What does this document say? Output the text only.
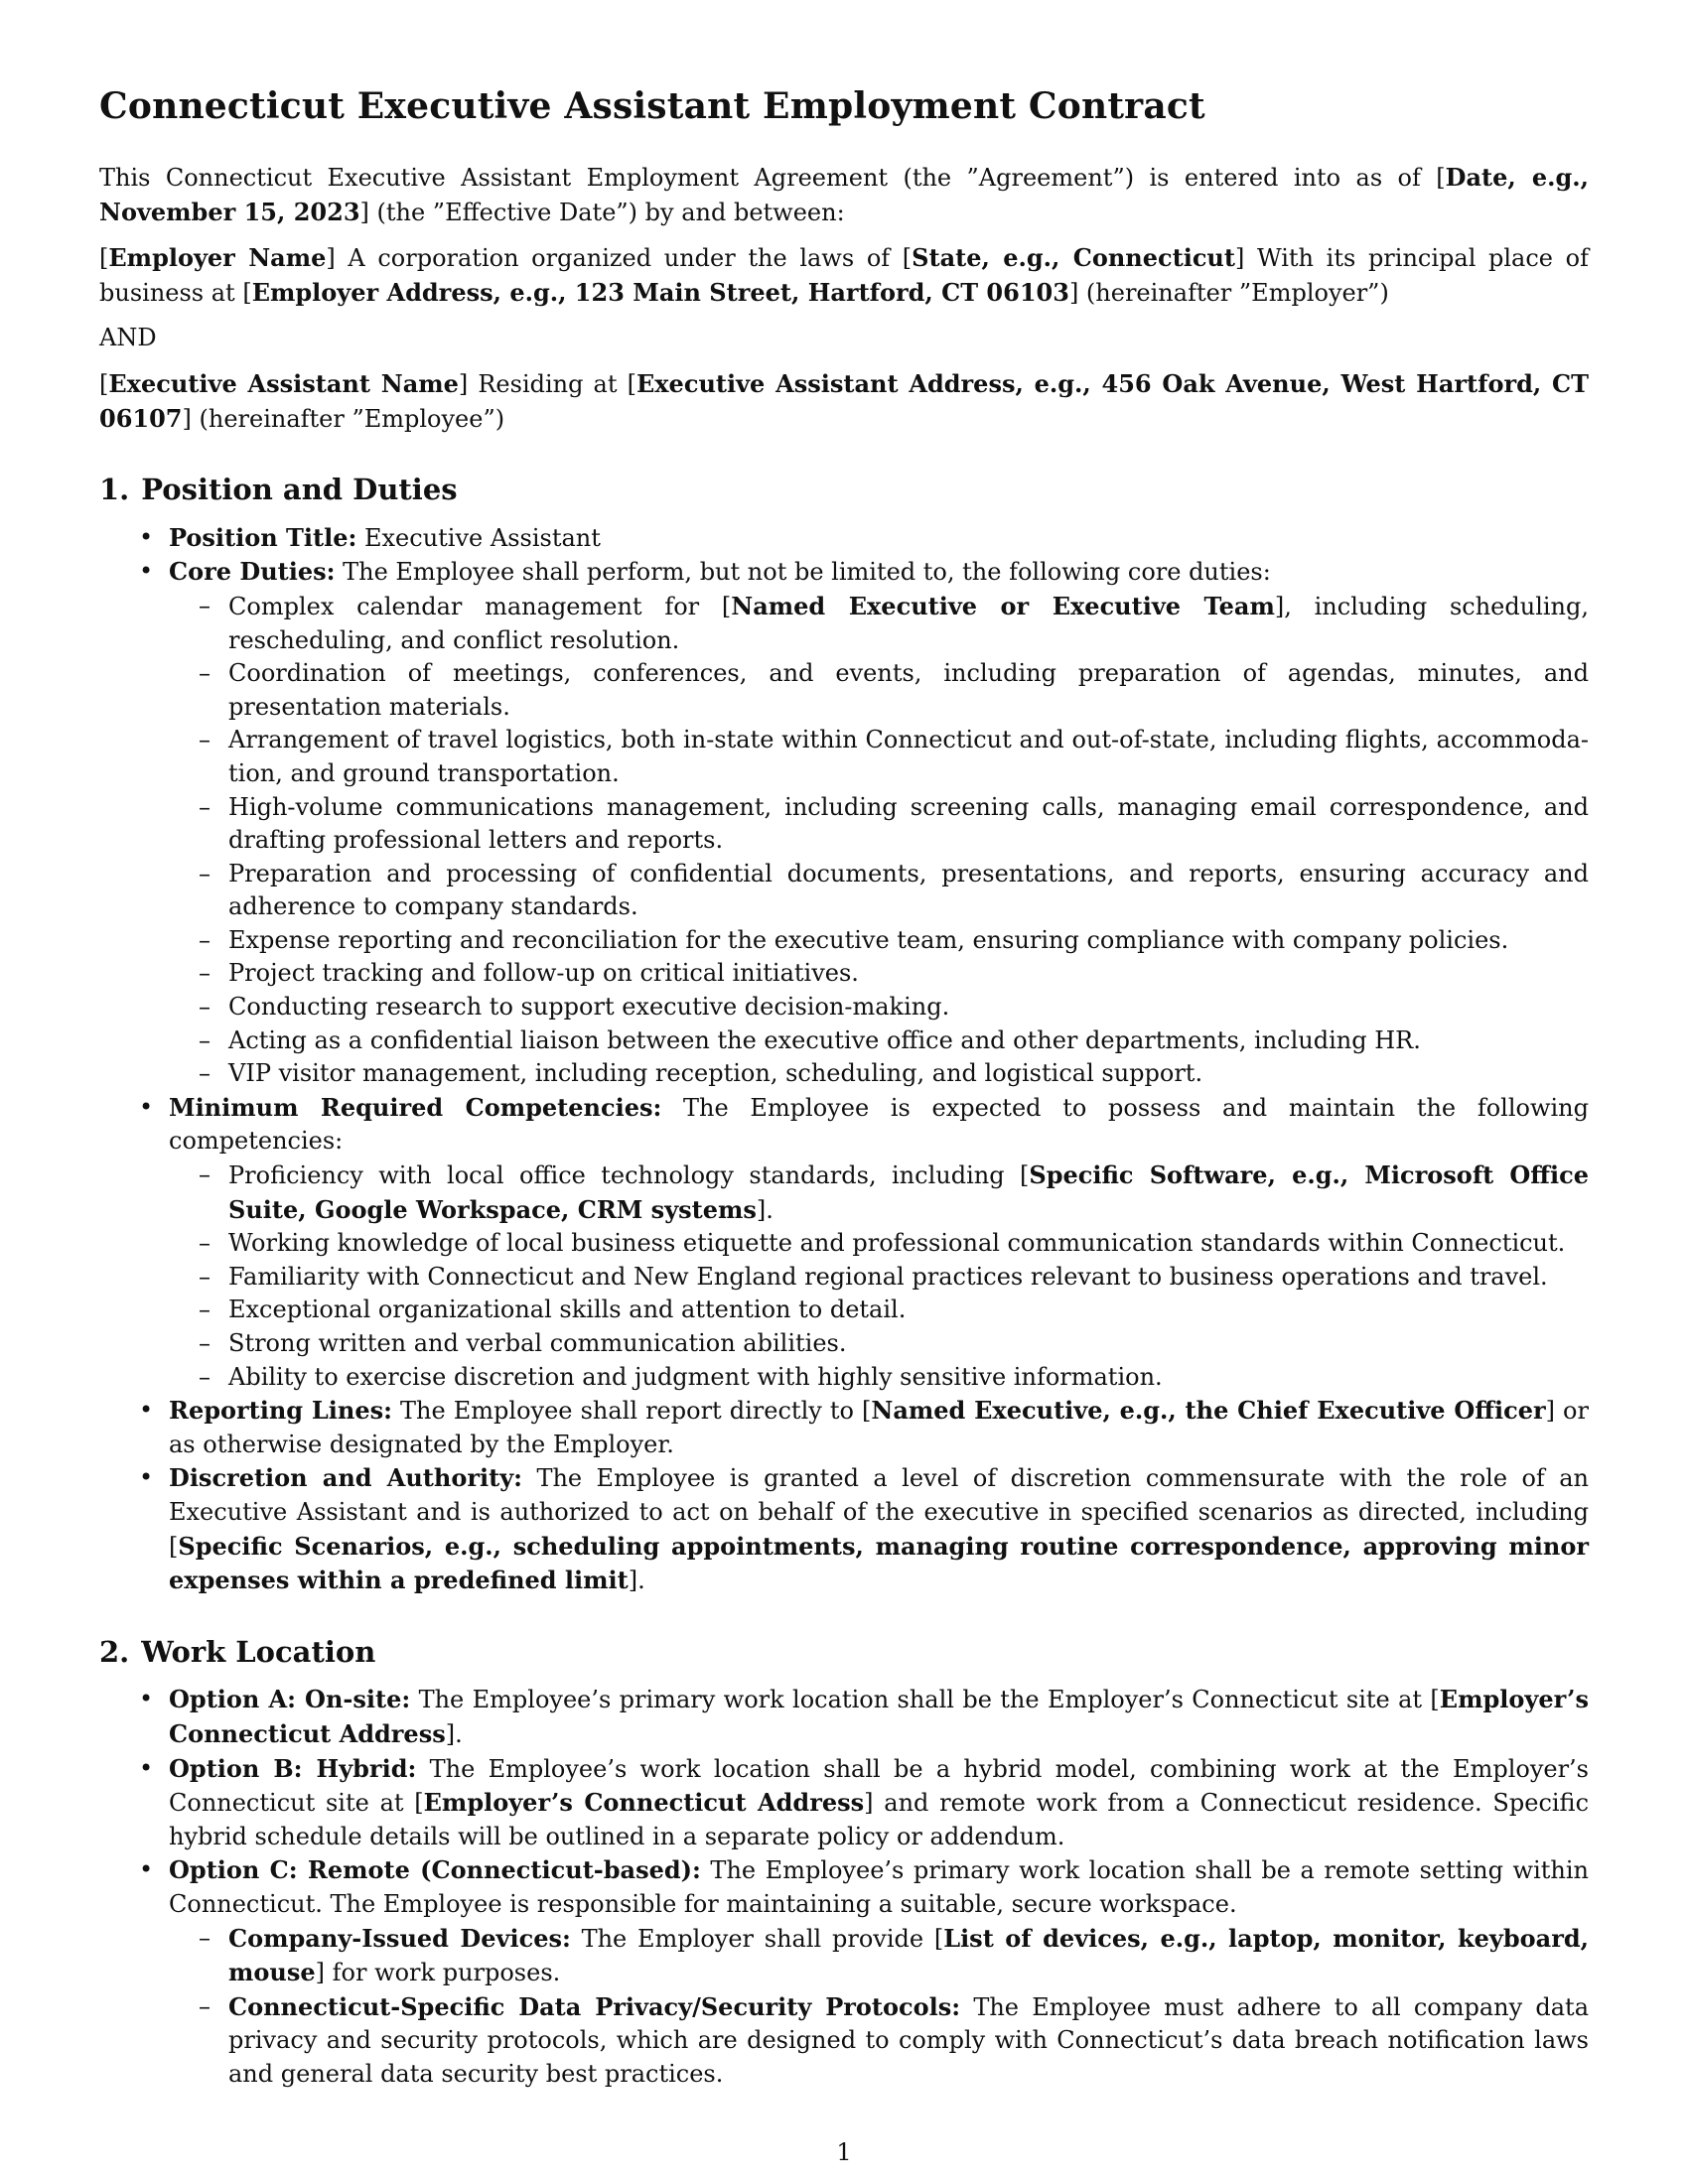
Connecticut Executive Assistant Employment Contract

This Connecticut Executive Assistant Employment Agreement (the ”Agreement”) is entered into as of [Date, e.g., November 15, 2023] (the ”Effective Date”) by and between:

[Employer Name] A corporation organized under the laws of [State, e.g., Connecticut] With its principal place of business at [Employer Address, e.g., 123 Main Street, Hartford, CT 06103] (hereinafter ”Employer”)

AND

[Executive Assistant Name] Residing at [Executive Assistant Address, e.g., 456 Oak Avenue, West Hartford, CT 06107] (hereinafter ”Employee”)

1. Position and Duties
• Position Title: Executive Assistant
• Core Duties: The Employee shall perform, but not be limited to, the following core duties:
– Complex calendar management for [Named Executive or Executive Team], including scheduling, rescheduling, and conflict resolution.
– Coordination of meetings, conferences, and events, including preparation of agendas, minutes, and presentation materials.
– Arrangement of travel logistics, both in-state within Connecticut and out-of-state, including flights, accommoda- tion, and ground transportation.
– High-volume communications management, including screening calls, managing email correspondence, and drafting professional letters and reports.
– Preparation and processing of confidential documents, presentations, and reports, ensuring accuracy and adherence to company standards.
– Expense reporting and reconciliation for the executive team, ensuring compliance with company policies.
– Project tracking and follow-up on critical initiatives.
– Conducting research to support executive decision-making.
– Acting as a confidential liaison between the executive office and other departments, including HR.
– VIP visitor management, including reception, scheduling, and logistical support.
• Minimum Required Competencies: The Employee is expected to possess and maintain the following competencies:
– Proficiency with local office technology standards, including [Specific Software, e.g., Microsoft Office Suite, Google Workspace, CRM systems].
– Working knowledge of local business etiquette and professional communication standards within Connecticut.
– Familiarity with Connecticut and New England regional practices relevant to business operations and travel.
– Exceptional organizational skills and attention to detail.
– Strong written and verbal communication abilities.
– Ability to exercise discretion and judgment with highly sensitive information.
• Reporting Lines: The Employee shall report directly to [Named Executive, e.g., the Chief Executive Officer] or as otherwise designated by the Employer.
• Discretion and Authority: The Employee is granted a level of discretion commensurate with the role of an Executive Assistant and is authorized to act on behalf of the executive in specified scenarios as directed, including [Specific Scenarios, e.g., scheduling appointments, managing routine correspondence, approving minor expenses within a predefined limit].
2. Work Location
• Option A: On-site: The Employee’s primary work location shall be the Employer’s Connecticut site at [Employer’s Connecticut Address].
• Option B: Hybrid: The Employee’s work location shall be a hybrid model, combining work at the Employer’s Connecticut site at [Employer’s Connecticut Address] and remote work from a Connecticut residence. Specific hybrid schedule details will be outlined in a separate policy or addendum.
• Option C: Remote (Connecticut-based): The Employee’s primary work location shall be a remote setting within Connecticut. The Employee is responsible for maintaining a suitable, secure workspace.
– Company-Issued Devices: The Employer shall provide [List of devices, e.g., laptop, monitor, keyboard, mouse] for work purposes.
– Connecticut-Specific Data Privacy/Security Protocols: The Employee must adhere to all company data privacy and security protocols, which are designed to comply with Connecticut’s data breach notification laws and general data security best practices.
1
